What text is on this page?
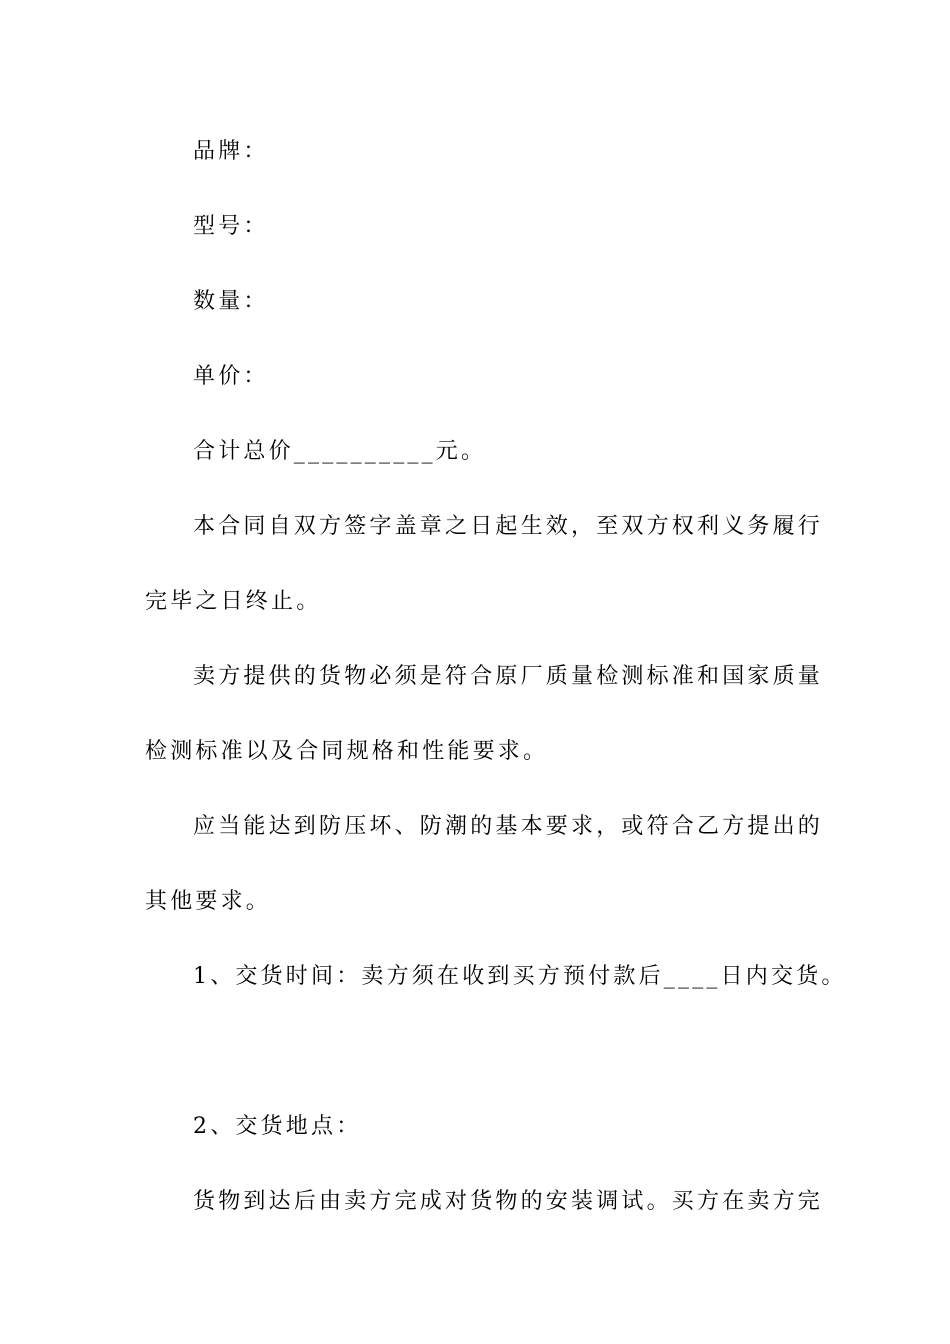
品牌：
型号：
数量：
单价：
合计总价__________元。
本合同自双方签字盖章之日起生效，至双方权利义务履行
完毕之日终止。
卖方提供的货物必须是符合原厂质量检测标准和国家质量
检测标准以及合同规格和性能要求。
应当能达到防压坏、防潮的基本要求，或符合乙方提出的
其他要求。
1、交货时间：卖方须在收到买方预付款后____日内交货。
2、交货地点：
货物到达后由卖方完成对货物的安装调试。买方在卖方完
